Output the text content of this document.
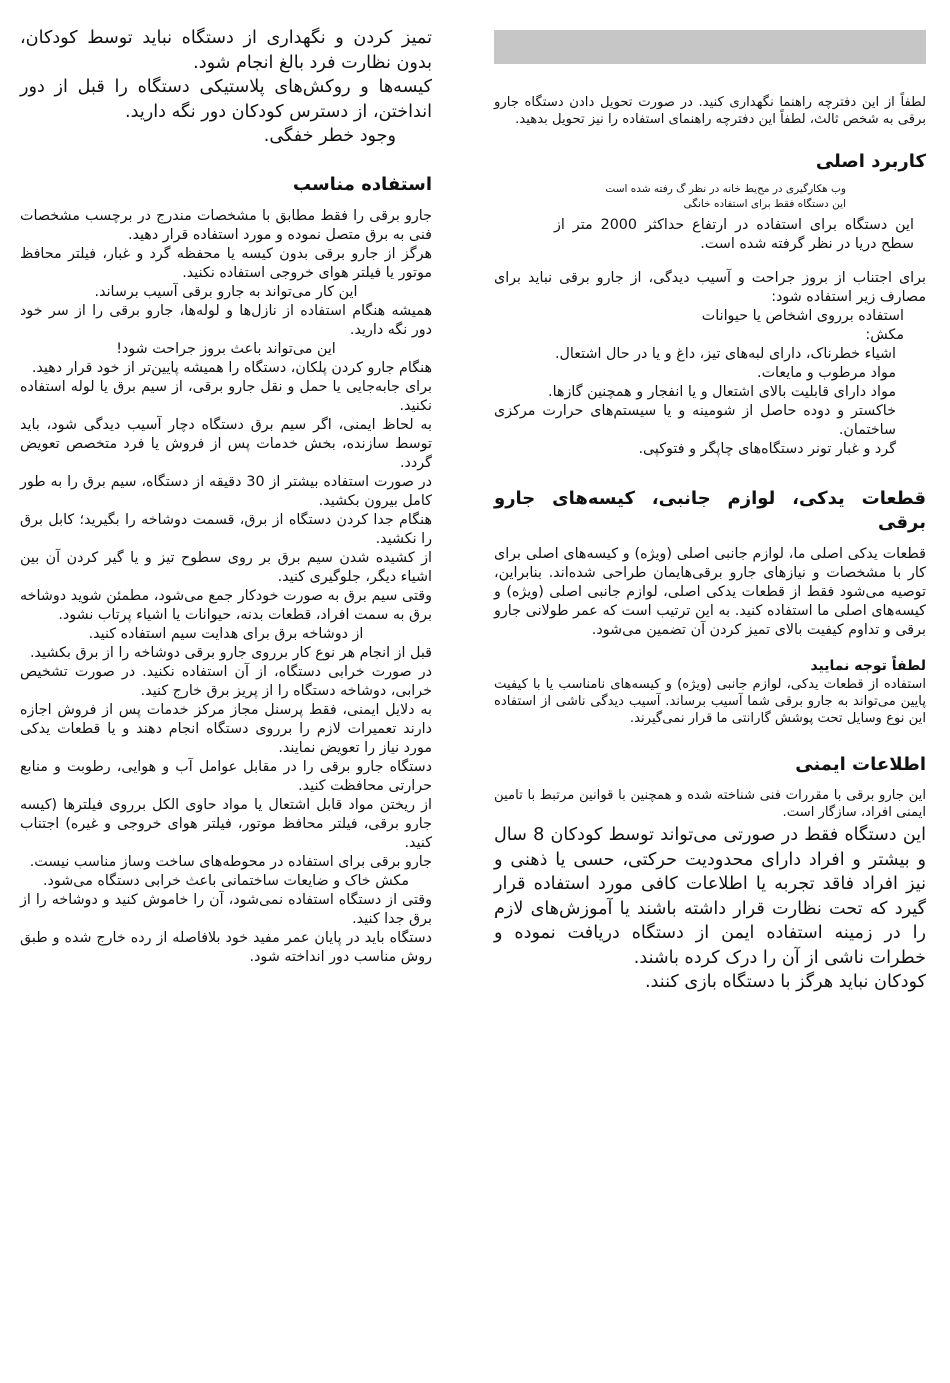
لطفاً از این دفترچه راهنما نگهداری کنید. در صورت تحویل دادن دستگاه جارو برقی به شخص ثالث، لطفاً این دفترچه راهنمای استفاده را نیز تحویل بدهید.

کاربرد اصلی

وب هکارگیری در مح‌یط خانه در نظر گ رفته شده است

این دستگاه فقط برای استفاده خانگی

این دستگاه برای استفاده در ارتفاع حداکثر 2000 متر از سطح دریا در نظر گرفته شده است.

برای اجتناب از بروز جراحت و آسیب دیدگی، از جارو برقی نباید برای مصارف زیر استفاده شود:

استفاده برروی اشخاص یا حیوانات
مکش:
اشیاء خطرناک، دارای لبه‌های تیز، داغ و یا در حال اشتعال.
مواد مرطوب و مایعات.
مواد دارای قابلیت بالای اشتعال و یا انفجار و همچنین گازها.
خاکستر و دوده حاصل از شومینه و یا سیستم‌های حرارت مرکزی ساختمان.
گرد و غبار تونر دستگاه‌های چاپگر و فتوکپی.
قطعات یدکی، لوازم جانبی، کیسه‌های جارو برقی

قطعات یدکی اصلی ما، لوازم جانبی اصلی (ویژه) و کیسه‌های اصلی برای کار با مشخصات و نیازهای جارو برقی‌هایمان طراحی شده‌اند. بنابراین، توصیه می‌شود فقط از قطعات یدکی اصلی، لوازم جانبی اصلی (ویژه) و کیسه‌های اصلی ما استفاده کنید. به این ترتیب است که عمر طولانی جارو برقی و تداوم کیفیت بالای تمیز کردن آن تضمین می‌شود.

لطفاً توجه نمایید

استفاده از قطعات یدکی، لوازم جانبی (ویژه) و کیسه‌های نامناسب یا با کیفیت پایین می‌تواند به جارو برقی شما آسیب برساند. آسیب دیدگی ناشی از استفاده این نوع وسایل تحت پوشش گارانتی ما قرار نمی‌گیرند.

اطلاعات ایمنی

این جارو برقی با مقررات فنی شناخته شده و همچنین با قوانین مرتبط با تامین ایمنی افراد، سازگار است.

این دستگاه فقط در صورتی می‌تواند توسط کودکان 8 سال و بیشتر و افراد دارای محدودیت حرکتی، حسی یا ذهنی و نیز افراد فاقد تجربه یا اطلاعات کافی مورد استفاده قرار گیرد که تحت نظارت قرار داشته باشند یا آموزش‌های لازم را در زمینه استفاده ایمن از دستگاه دریافت نموده و خطرات ناشی از آن را درک کرده باشند.

کودکان نباید هرگز با دستگاه بازی کنند.

تمیز کردن و نگهداری از دستگاه نباید توسط کودکان، بدون نظارت فرد بالغ انجام شود.

کیسه‌ها و روکش‌های پلاستیکی دستگاه را قبل از دور انداختن، از دسترس کودکان دور نگه دارید.

وجود خطر خفگی.

استفاده مناسب
جارو برقی را فقط مطابق با مشخصات مندرج در برچسب مشخصات فنی به برق متصل نموده و مورد استفاده قرار دهید.
هرگز از جارو برقی بدون کیسه یا محفظه گرد و غبار، فیلتر محافظ موتور یا فیلتر هوای خروجی استفاده نکنید.
این کار می‌تواند به جارو برقی آسیب برساند.
همیشه هنگام استفاده از نازل‌ها و لوله‌ها، جارو برقی را از سر خود دور نگه دارید.
این می‌تواند باعث بروز جراحت شود!
هنگام جارو کردن پلکان، دستگاه را همیشه پایین‌تر از خود قرار دهید.
برای جابه‌جایی یا حمل و نقل جارو برقی، از سیم برق یا لوله استفاده نکنید.
به لحاظ ایمنی، اگر سیم برق دستگاه دچار آسیب دیدگی شود، باید توسط سازنده، بخش خدمات پس از فروش یا فرد متخصص تعویض گردد.
در صورت استفاده بیشتر از 30 دقیقه از دستگاه، سیم برق را به طور کامل بیرون بکشید.
هنگام جدا کردن دستگاه از برق، قسمت دوشاخه را بگیرید؛ کابل برق را نکشید.
از کشیده شدن سیم برق بر روی سطوح تیز و یا گیر کردن آن بین اشیاء دیگر، جلوگیری کنید.
وقتی سیم برق به صورت خودکار جمع می‌شود، مطمئن شوید دوشاخه برق به سمت افراد، قطعات بدنه، حیوانات یا اشیاء پرتاب نشود.
از دوشاخه برق برای هدایت سیم استفاده کنید.
قبل از انجام هر نوع کار برروی جارو برقی دوشاخه را از برق بکشید.
در صورت خرابی دستگاه، از آن استفاده نکنید. در صورت تشخیص خرابی، دوشاخه دستگاه را از پریز برق خارج کنید.
به دلایل ایمنی، فقط پرسنل مجاز مرکز خدمات پس از فروش اجازه دارند تعمیرات لازم را برروی دستگاه انجام دهند و یا قطعات یدکی مورد نیاز را تعویض نمایند.
دستگاه جارو برقی را در مقابل عوامل آب و هوایی، رطوبت و منابع حرارتی محافظت کنید.
از ریختن مواد قابل اشتعال یا مواد حاوی الکل برروی فیلترها (کیسه جارو برقی، فیلتر محافظ موتور، فیلتر هوای خروجی و غیره) اجتناب کنید.
جارو برقی برای استفاده در محوطه‌های ساخت وساز مناسب نیست.
مکش خاک و ضایعات ساختمانی باعث خرابی دستگاه می‌شود.
وقتی از دستگاه استفاده نمی‌شود، آن را خاموش کنید و دوشاخه را از برق جدا کنید.
دستگاه باید در پایان عمر مفید خود بلافاصله از رده خارج شده و طبق روش مناسب دور انداخته شود.
